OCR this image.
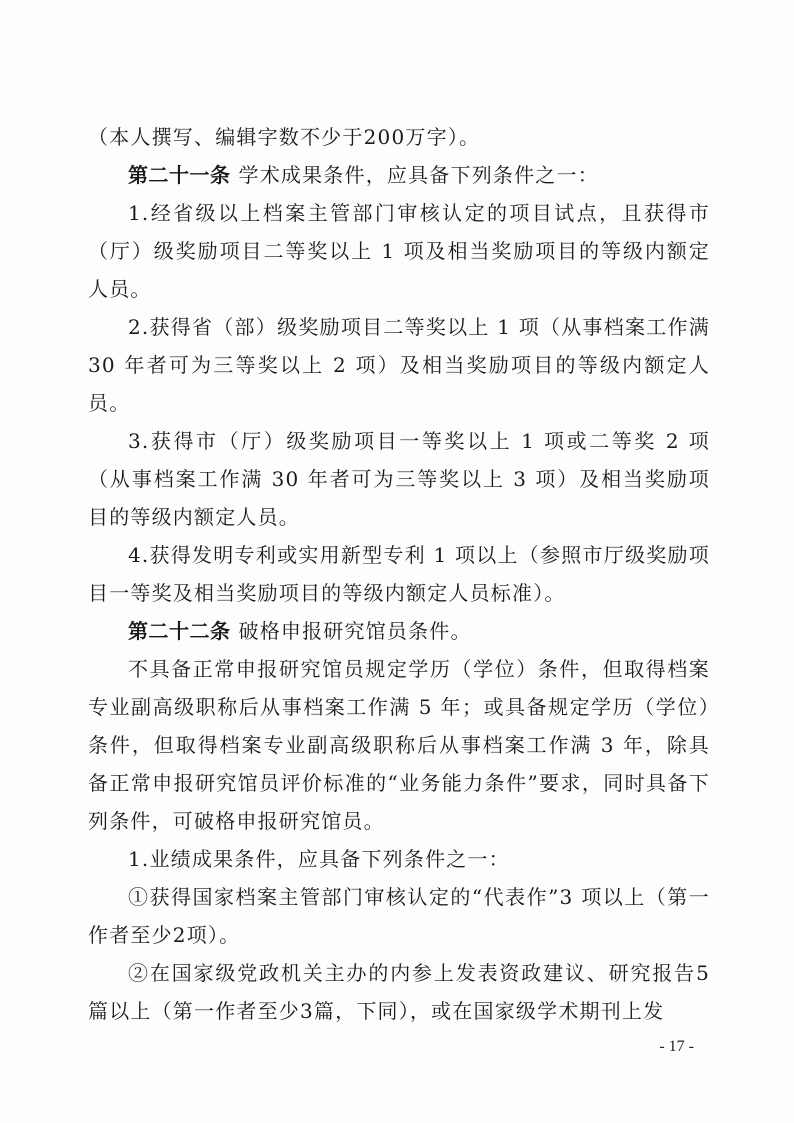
（本人撰写、编辑字数不少于200万字）。

第二十一条 学术成果条件，应具备下列条件之一：

1.经省级以上档案主管部门审核认定的项目试点，且获得市（厅）级奖励项目二等奖以上 1 项及相当奖励项目的等级内额定人员。

2.获得省（部）级奖励项目二等奖以上 1 项（从事档案工作满 30 年者可为三等奖以上 2 项）及相当奖励项目的等级内额定人员。

3.获得市（厅）级奖励项目一等奖以上 1 项或二等奖 2 项（从事档案工作满 30 年者可为三等奖以上 3 项）及相当奖励项目的等级内额定人员。

4.获得发明专利或实用新型专利 1 项以上（参照市厅级奖励项目一等奖及相当奖励项目的等级内额定人员标准）。

第二十二条 破格申报研究馆员条件。

不具备正常申报研究馆员规定学历（学位）条件，但取得档案专业副高级职称后从事档案工作满 5 年；或具备规定学历（学位）条件，但取得档案专业副高级职称后从事档案工作满 3 年，除具备正常申报研究馆员评价标准的“业务能力条件”要求，同时具备下列条件，可破格申报研究馆员。

1.业绩成果条件，应具备下列条件之一：

①获得国家档案主管部门审核认定的“代表作”3 项以上（第一作者至少2项）。

②在国家级党政机关主办的内参上发表资政建议、研究报告5篇以上（第一作者至少3篇，下同），或在国家级学术期刊上发

- 17 -
